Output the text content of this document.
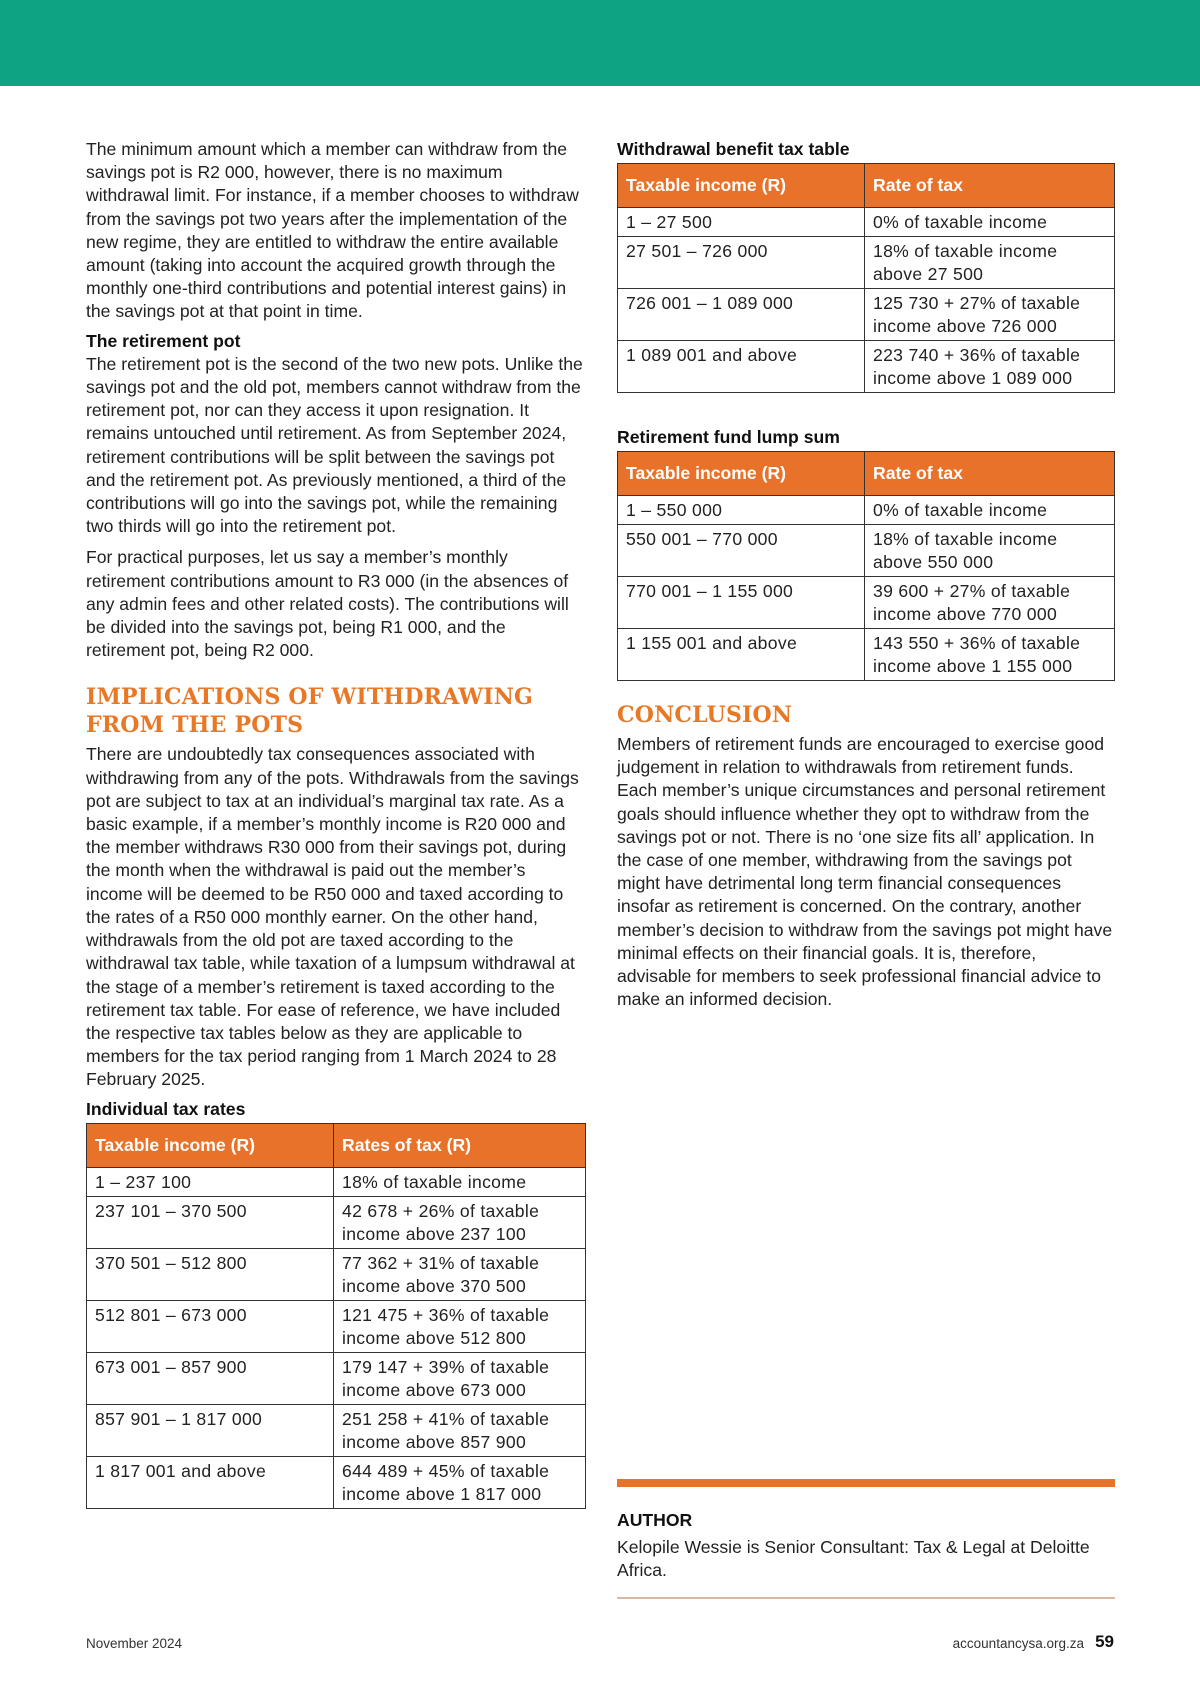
The minimum amount which a member can withdraw from the savings pot is R2 000, however, there is no maximum withdrawal limit. For instance, if a member chooses to withdraw from the savings pot two years after the implementation of the new regime, they are entitled to withdraw the entire available amount (taking into account the acquired growth through the monthly one-third contributions and potential interest gains) in the savings pot at that point in time.

The retirement pot

The retirement pot is the second of the two new pots. Unlike the savings pot and the old pot, members cannot withdraw from the retirement pot, nor can they access it upon resignation. It remains untouched until retirement. As from September 2024, retirement contributions will be split between the savings pot and the retirement pot. As previously mentioned, a third of the contributions will go into the savings pot, while the remaining two thirds will go into the retirement pot.

For practical purposes, let us say a member’s monthly retirement contributions amount to R3 000 (in the absences of any admin fees and other related costs). The contributions will be divided into the savings pot, being R1 000, and the retirement pot, being R2 000.

IMPLICATIONS OF WITHDRAWING FROM THE POTS

There are undoubtedly tax consequences associated with withdrawing from any of the pots. Withdrawals from the savings pot are subject to tax at an individual’s marginal tax rate. As a basic example, if a member’s monthly income is R20 000 and the member withdraws R30 000 from their savings pot, during the month when the withdrawal is paid out the member’s income will be deemed to be R50 000 and taxed according to the rates of a R50 000 monthly earner. On the other hand, withdrawals from the old pot are taxed according to the withdrawal tax table, while taxation of a lumpsum withdrawal at the stage of a member’s retirement is taxed according to the retirement tax table. For ease of reference, we have included the respective tax tables below as they are applicable to members for the tax period ranging from 1 March 2024 to 28 February 2025.

Individual tax rates
Taxable income (R)	Rates of tax (R)
1 – 237 100	18% of taxable income
237 101 – 370 500	42 678 + 26% of taxable income above 237 100
370 501 – 512 800	77 362 + 31% of taxable income above 370 500
512 801 – 673 000	121 475 + 36% of taxable income above 512 800
673 001 – 857 900	179 147 + 39% of taxable income above 673 000
857 901 – 1 817 000	251 258 + 41% of taxable income above 857 900
1 817 001 and above	644 489 + 45% of taxable income above 1 817 000
Withdrawal benefit tax table
Taxable income (R)	Rate of tax
1 – 27 500	0% of taxable income
27 501 – 726 000	18% of taxable income above 27 500
726 001 – 1 089 000	125 730 + 27% of taxable income above 726 000
1 089 001 and above	223 740 + 36% of taxable income above 1 089 000
Retirement fund lump sum
Taxable income (R)	Rate of tax
1 – 550 000	0% of taxable income
550 001 – 770 000	18% of taxable income above 550 000
770 001 – 1 155 000	39 600 + 27% of taxable income above 770 000
1 155 001 and above	143 550 + 36% of taxable income above 1 155 000
CONCLUSION

Members of retirement funds are encouraged to exercise good judgement in relation to withdrawals from retirement funds. Each member’s unique circumstances and personal retirement goals should influence whether they opt to withdraw from the savings pot or not. There is no ‘one size fits all’ application. In the case of one member, withdrawing from the savings pot might have detrimental long term financial consequences insofar as retirement is concerned. On the contrary, another member’s decision to withdraw from the savings pot might have minimal effects on their financial goals. It is, therefore, advisable for members to seek professional financial advice to make an informed decision.

AUTHOR

Kelopile Wessie is Senior Consultant: Tax & Legal at Deloitte Africa.

November 2024	accountancysa.org.za 59
